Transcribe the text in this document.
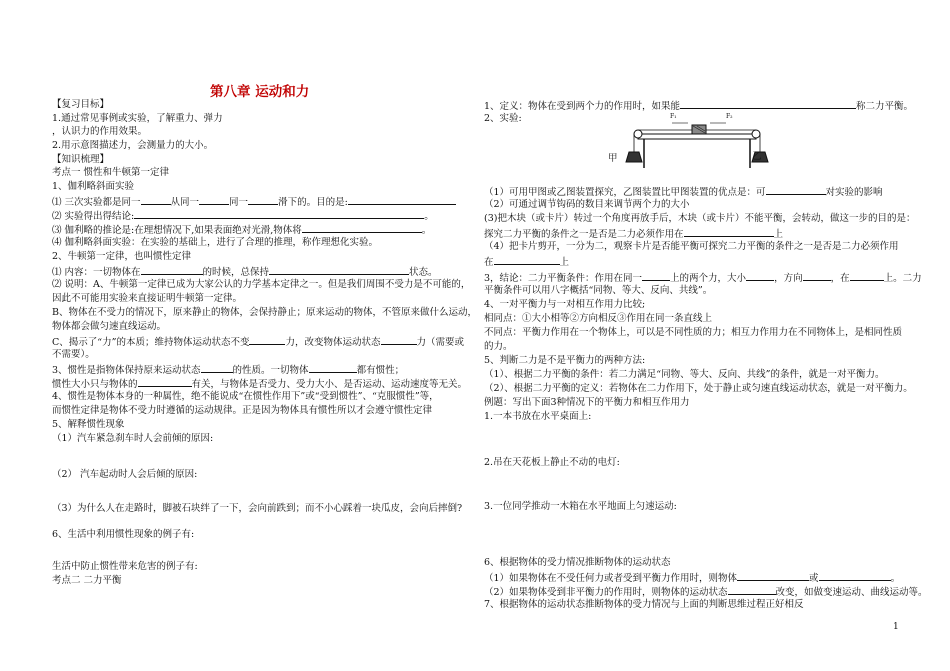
第八章 运动和力
【复习目标】
1.通过常见事例或实验，了解重力、弹力
，认识力的作用效果。
2.用示意图描述力，会测量力的大小。
【知识梳理】
考点一 惯性和牛顿第一定律
1、伽利略斜面实验
⑴ 三次实验都是同一	从同一	同一	滑下的。目的是:
⑵ 实验得出得结论:	。
⑶ 伽利略的推论是:在理想情况下,如果表面绝对光滑,物体将	。
⑷ 伽利略斜面实验：在实验的基础上，进行了合理的推理，称作理想化实验。
2、牛顿第一定律，也叫惯性定律
⑴ 内容：一切物体在	的时候，总保持	状态。
⑵ 说明：A、牛顿第一定律已成为大家公认的力学基本定律之一。但是我们周围不受力是不可能的，
因此不可能用实验来直接证明牛顿第一定律。
B、物体在不受力的情况下，原来静止的物体，会保持静止；原来运动的物体，不管原来做什么运动，
物体都会做匀速直线运动。
C、揭示了“力”的本质；维持物体运动状态不变	力，改变物体运动状态	力（需要或
不需要）。
3、惯性是指物体保持原来运动状态	的性质。一切物体	都有惯性；
惯性大小只与物体的	有关，与物体是否受力、受力大小、是否运动、运动速度等无关。
4、惯性是物体本身的一种属性，绝不能说成“在惯性作用下”或“受到惯性”、“克服惯性”等，
而惯性定律是物体不受力时遵循的运动规律。正是因为物体具有惯性所以才会遵守惯性定律
5、解释惯性现象
（1）汽车紧急刹车时人会前倾的原因:
（2） 汽车起动时人会后倾的原因:
（3）为什么人在走路时，脚被石块绊了一下，会向前跌到；而不小心踩着一块瓜皮，会向后摔倒?
6、生活中利用惯性现象的例子有:
生活中防止惯性带来危害的例子有:
考点二 二力平衡
1、定义：物体在受到两个力的作用时，如果能	称二力平衡。
2、实验:
（1）可用甲图或乙图装置探究，乙图装置比甲图装置的优点是：可	对实验的影响
（2）可通过调节钩码的数目来调节两个力的大小
(3)把木块（或卡片）转过一个角度再放手后，木块（或卡片）不能平衡，会转动，做这一步的目的是：
探究二力平衡的条件之一是否是二力必须作用在	上
（4）把卡片剪开，一分为二，观察卡片是否能平衡可探究二力平衡的条件之一是否是二力必须作用
在	上
3，结论：二力平衡条件：作用在同一	上的两个力，大小	，方向	，在	上。二力
平衡条件可以用八字概括“同物、等大、反向、共线”。
4、一对平衡力与一对相互作用力比较;
相同点：①大小相等②方向相反③作用在同一条直线上
不同点：平衡力作用在一个物体上，可以是不同性质的力；相互力作用力在不同物体上，是相同性质
的力。
5、判断二力是不是平衡力的两种方法:
（1）、根据二力平衡的条件：若二力满足“同物、等大、反向、共线”的条件，就是一对平衡力。
（2）、根据二力平衡的定义：若物体在二力作用下，处于静止或匀速直线运动状态，就是一对平衡力。
例题：写出下面3种情况下的平衡力和相互作用力
1.一本书放在水平桌面上:
2.吊在天花板上静止不动的电灯:
3.一位同学推动一木箱在水平地面上匀速运动:
6、根据物体的受力情况推断物体的运动状态
（1）如果物体在不受任何力或者受到平衡力作用时，则物体	或	。
（2）如果物体受到非平衡力的作用时，则物体的运动状态	改变，如做变速运动、曲线运动等。
7、根据物体的运动状态推断物体的受力情况与上面的判断思维过程正好相反
F₁	F₂
甲	乙
1
